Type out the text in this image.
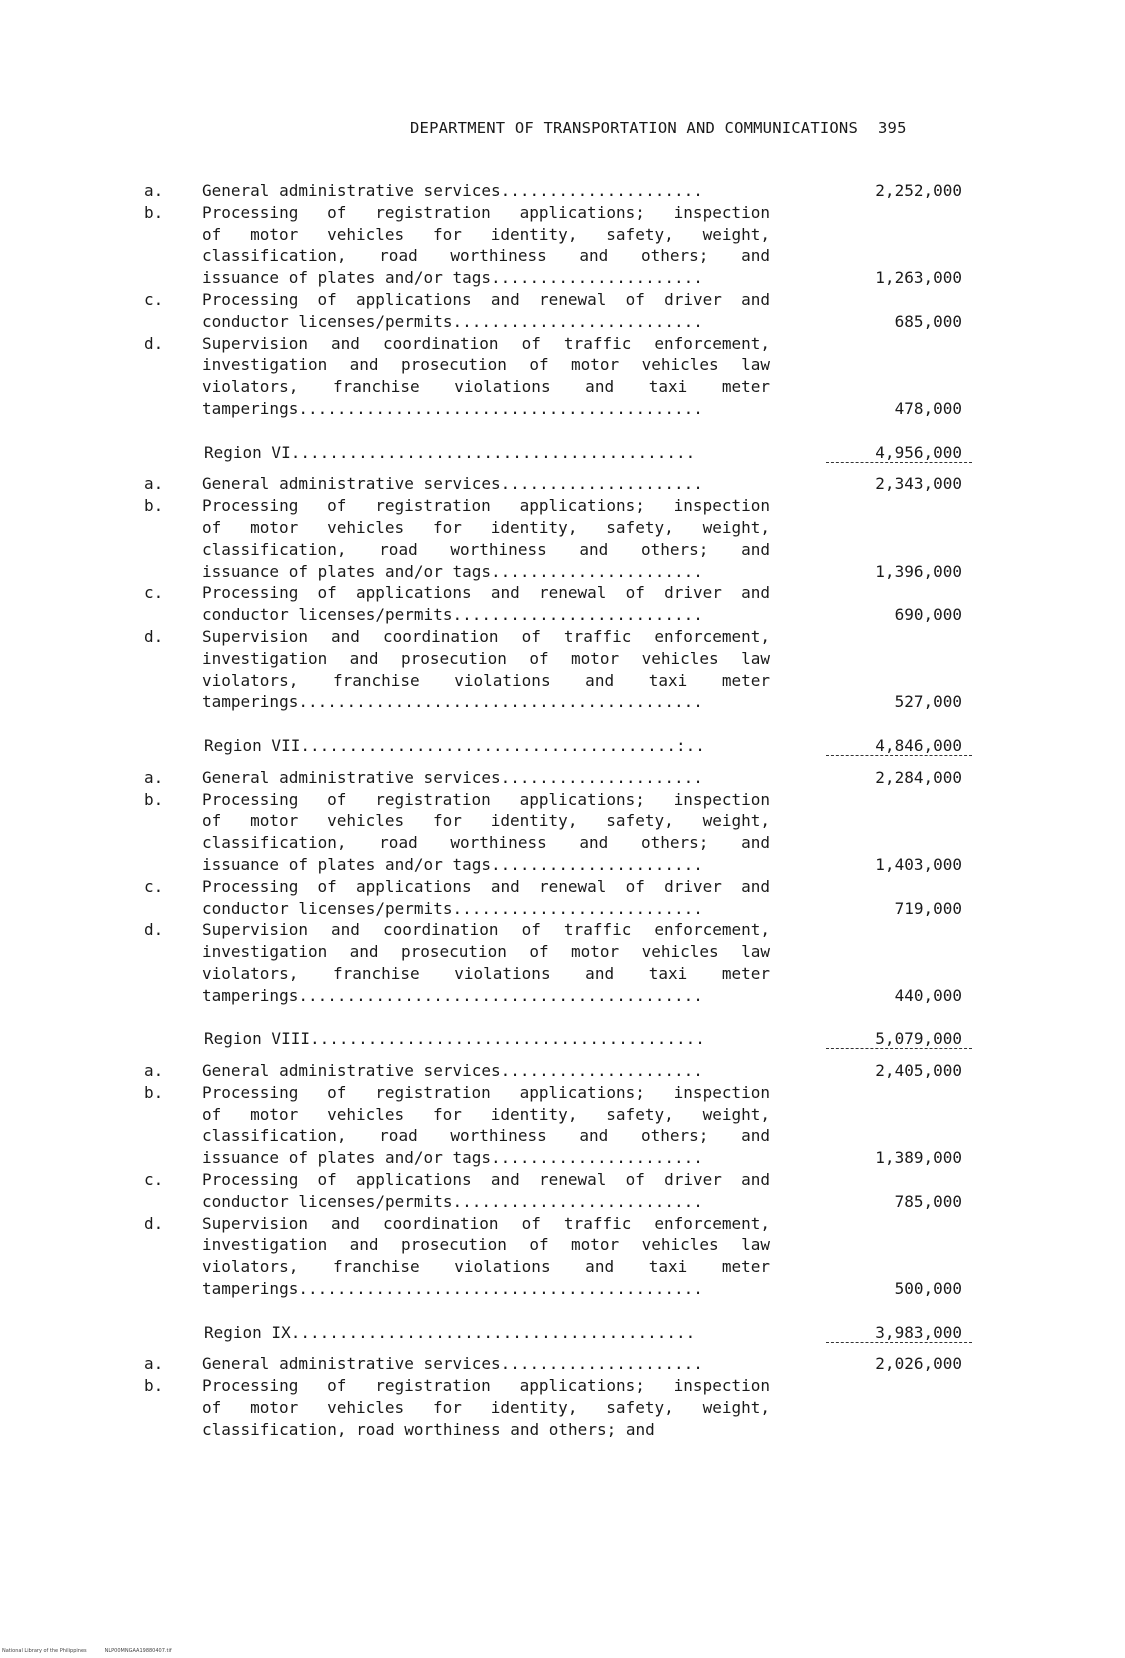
DEPARTMENT OF TRANSPORTATION AND COMMUNICATIONS 395
a. General administrative services.....................	2,252,000
b. Processing of registration applications; inspection
of motor vehicles for identity, safety, weight,
classification, road worthiness and others; and
issuance of plates and/or tags......................	1,263,000
c. Processing of applications and renewal of driver and
conductor licenses/permits..........................	685,000
d. Supervision and coordination of traffic enforcement,
investigation and prosecution of motor vehicles law
violators, franchise violations and taxi meter
tamperings..........................................	478,000
Region VI..........................................	4,956,000
a. General administrative services.....................	2,343,000
b. Processing of registration applications; inspection
of motor vehicles for identity, safety, weight,
classification, road worthiness and others; and
issuance of plates and/or tags......................	1,396,000
c. Processing of applications and renewal of driver and
conductor licenses/permits..........................	690,000
d. Supervision and coordination of traffic enforcement,
investigation and prosecution of motor vehicles law
violators, franchise violations and taxi meter
tamperings..........................................	527,000
Region VII.......................................:..	4,846,000
a. General administrative services.....................	2,284,000
b. Processing of registration applications; inspection
of motor vehicles for identity, safety, weight,
classification, road worthiness and others; and
issuance of plates and/or tags......................	1,403,000
c. Processing of applications and renewal of driver and
conductor licenses/permits..........................	719,000
d. Supervision and coordination of traffic enforcement,
investigation and prosecution of motor vehicles law
violators, franchise violations and taxi meter
tamperings..........................................	440,000
Region VIII.........................................	5,079,000
a. General administrative services.....................	2,405,000
b. Processing of registration applications; inspection
of motor vehicles for identity, safety, weight,
classification, road worthiness and others; and
issuance of plates and/or tags......................	1,389,000
c. Processing of applications and renewal of driver and
conductor licenses/permits..........................	785,000
d. Supervision and coordination of traffic enforcement,
investigation and prosecution of motor vehicles law
violators, franchise violations and taxi meter
tamperings..........................................	500,000
Region IX..........................................	3,983,000
a. General administrative services.....................	2,026,000
b. Processing of registration applications; inspection
of motor vehicles for identity, safety, weight,
classification, road worthiness and others; and
National Library of the Philippines	NLP00MNGAA19880407.tif
